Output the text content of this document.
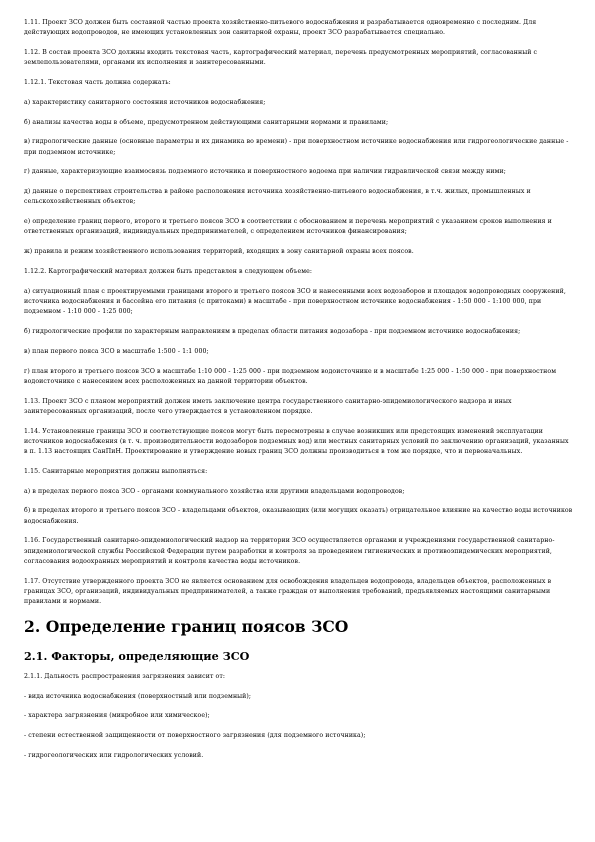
1.11. Проект ЗСО должен быть составной частью проекта хозяйственно-питьевого водоснабжения и разрабатывается одновременно с последним. Для действующих водопроводов, не имеющих установленных зон санитарной охраны, проект ЗСО разрабатывается специально.

1.12. В состав проекта ЗСО должны входить текстовая часть, картографический материал, перечень предусмотренных мероприятий, согласованный с землепользователями, органами их исполнения и заинтересованными.

1.12.1. Текстовая часть должна содержать:

а) характеристику санитарного состояния источников водоснабжения;

б) анализы качества воды в объеме, предусмотренном действующими санитарными нормами и правилами;

в) гидрологические данные (основные параметры и их динамика во времени) - при поверхностном источнике водоснабжения или гидрогеологические данные - при подземном источнике;

г) данные, характеризующие взаимосвязь подземного источника и поверхностного водоема при наличии гидравлической связи между ними;

д) данные о перспективах строительства в районе расположения источника хозяйственно-питьевого водоснабжения, в т.ч. жилых, промышленных и сельскохозяйственных объектов;

е) определение границ первого, второго и третьего поясов ЗСО в соответствии с обоснованием и перечень мероприятий с указанием сроков выполнения и ответственных организаций, индивидуальных предпринимателей, с определением источников финансирования;

ж) правила и режим хозяйственного использования территорий, входящих в зону санитарной охраны всех поясов.

1.12.2. Картографический материал должен быть представлен в следующем объеме:

а) ситуационный план с проектируемыми границами второго и третьего поясов ЗСО и нанесенными всех водозаборов и площадок водопроводных сооружений, источника водоснабжения и бассейна его питания (с притоками) в масштабе - при поверхностном источнике водоснабжения - 1:50 000 - 1:100 000, при подземном - 1:10 000 - 1:25 000;

б) гидрологические профили по характерным направлениям в пределах области питания водозабора - при подземном источнике водоснабжения;

в) план первого пояса ЗСО в масштабе 1:500 - 1:1 000;

г) план второго и третьего поясов ЗСО в масштабе 1:10 000 - 1:25 000 - при подземном водоисточнике и в масштабе 1:25 000 - 1:50 000 - при поверхностном водоисточнике с нанесением всех расположенных на данной территории объектов.

1.13. Проект ЗСО с планом мероприятий должен иметь заключение центра государственного санитарно-эпидемиологического надзора и иных заинтересованных организаций, после чего утверждается в установленном порядке.

1.14. Установленные границы ЗСО и соответствующие поясов могут быть пересмотрены в случае возникших или предстоящих изменений эксплуатации источников водоснабжения (в т. ч. производительности водозаборов подземных вод) или местных санитарных условий по заключению организаций, указанных в п. 1.13 настоящих СанПиН. Проектирование и утверждение новых границ ЗСО должны производиться в том же порядке, что и первоначальных.

1.15. Санитарные мероприятия должны выполняться:

а) в пределах первого пояса ЗСО - органами коммунального хозяйства или другими владельцами водопроводов;

б) в пределах второго и третьего поясов ЗСО - владельцами объектов, оказывающих (или могущих оказать) отрицательное влияние на качество воды источников водоснабжения.

1.16. Государственный санитарно-эпидемиологический надзор на территории ЗСО осуществляется органами и учреждениями государственной санитарно-эпидемиологической службы Российской Федерации путем разработки и контроля за проведением гигиенических и противоэпидемических мероприятий, согласования водоохранных мероприятий и контроля качества воды источников.

1.17. Отсутствие утвержденного проекта ЗСО не является основанием для освобождения владельцев водопровода, владельцев объектов, расположенных в границах ЗСО, организаций, индивидуальных предпринимателей, а также граждан от выполнения требований, предъявляемых настоящими санитарными правилами и нормами.

2. Определение границ поясов ЗСО
2.1. Факторы, определяющие ЗСО

2.1.1. Дальность распространения загрязнения зависит от:

- вида источника водоснабжения (поверхностный или подземный);

- характера загрязнения (микробное или химическое);

- степени естественной защищенности от поверхностного загрязнения (для подземного источника);

- гидрогеологических или гидрологических условий.
